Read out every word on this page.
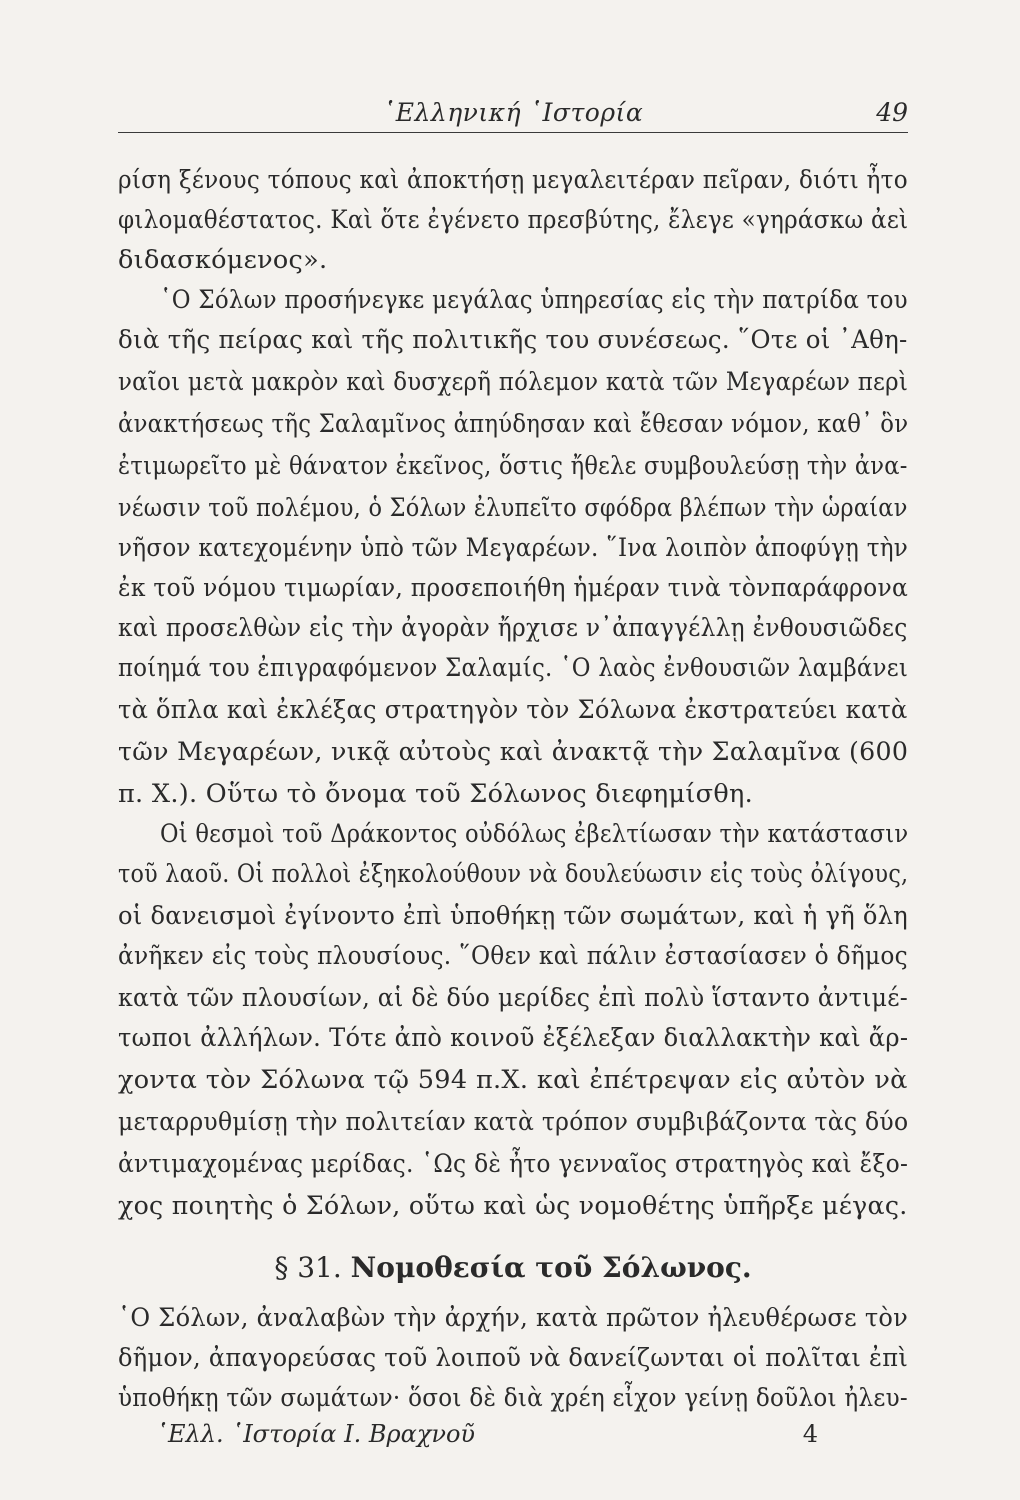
῾Ελληνική ῾Ιστορία	49
ρίση ξένους τόπους καὶ ἀποκτήσῃ μεγαλειτέραν πεῖραν, διότι ἦτο
φιλομαθέστατος. Καὶ ὅτε ἐγένετο πρεσβύτης, ἔλεγε «γηράσκω ἀεὶ
διδασκόμενος».
῾Ο Σόλων προσήνεγκε μεγάλας ὑπηρεσίας εἰς τὴν πατρίδα του
διὰ τῆς πείρας καὶ τῆς πολιτικῆς του συνέσεως. ῞Οτε οἱ ᾽Αθη-
ναῖοι μετὰ μακρὸν καὶ δυσχερῆ πόλεμον κατὰ τῶν Μεγαρέων περὶ
ἀνακτήσεως τῆς Σαλαμῖνος ἀπηύδησαν καὶ ἔθεσαν νόμον, καθ᾽ ὃν
ἐτιμωρεῖτο μὲ θάνατον ἐκεῖνος, ὅστις ἤθελε συμβουλεύσῃ τὴν ἀνα-
νέωσιν τοῦ πολέμου, ὁ Σόλων ἐλυπεῖτο σφόδρα βλέπων τὴν ὡραίαν
νῆσον κατεχομένην ὑπὸ τῶν Μεγαρέων. ῞Ινα λοιπὸν ἀποφύγῃ τὴν
ἐκ τοῦ νόμου τιμωρίαν, προσεποιήθη ἡμέραν τινὰ τὸνπαράφρονα
καὶ προσελθὼν εἰς τὴν ἀγορὰν ἤρχισε ν᾽ἀπαγγέλλῃ ἐνθουσιῶδες
ποίημά του ἐπιγραφόμενον Σαλαμίς. ῾Ο λαὸς ἐνθουσιῶν λαμβάνει
τὰ ὅπλα καὶ ἐκλέξας στρατηγὸν τὸν Σόλωνα ἐκστρατεύει κατὰ
τῶν Μεγαρέων, νικᾷ αὐτοὺς καὶ ἀνακτᾷ τὴν Σαλαμῖνα (600
π. Χ.). Οὕτω τὸ ὄνομα τοῦ Σόλωνος διεφημίσθη.
Οἱ θεσμοὶ τοῦ Δράκοντος οὐδόλως ἐβελτίωσαν τὴν κατάστασιν
τοῦ λαοῦ. Οἱ πολλοὶ ἐξηκολούθουν νὰ δουλεύωσιν εἰς τοὺς ὀλίγους,
οἱ δανεισμοὶ ἐγίνοντο ἐπὶ ὑποθήκῃ τῶν σωμάτων, καὶ ἡ γῆ ὅλη
ἀνῆκεν εἰς τοὺς πλουσίους. ῞Οθεν καὶ πάλιν ἐστασίασεν ὁ δῆμος
κατὰ τῶν πλουσίων, αἱ δὲ δύο μερίδες ἐπὶ πολὺ ἵσταντο ἀντιμέ-
τωποι ἀλλήλων. Τότε ἀπὸ κοινοῦ ἐξέλεξαν διαλλακτὴν καὶ ἄρ-
χοντα τὸν Σόλωνα τῷ 594 π.Χ. καὶ ἐπέτρεψαν εἰς αὐτὸν νὰ
μεταρρυθμίσῃ τὴν πολιτείαν κατὰ τρόπον συμβιβάζοντα τὰς δύο
ἀντιμαχομένας μερίδας. ῾Ως δὲ ἦτο γενναῖος στρατηγὸς καὶ ἔξο-
χος ποιητὴς ὁ Σόλων, οὕτω καὶ ὡς νομοθέτης ὑπῆρξε μέγας.
§ 31. Νομοθεσία τοῦ Σόλωνος.
῾Ο Σόλων, ἀναλαβὼν τὴν ἀρχήν, κατὰ πρῶτον ἠλευθέρωσε τὸν
δῆμον, ἀπαγορεύσας τοῦ λοιποῦ νὰ δανείζωνται οἱ πολῖται ἐπὶ
ὑποθήκῃ τῶν σωμάτων· ὅσοι δὲ διὰ χρέη εἶχον γείνῃ δοῦλοι ἠλευ-
῾Ελλ. ῾Ιστορία Ι. Βραχνοῦ	4
